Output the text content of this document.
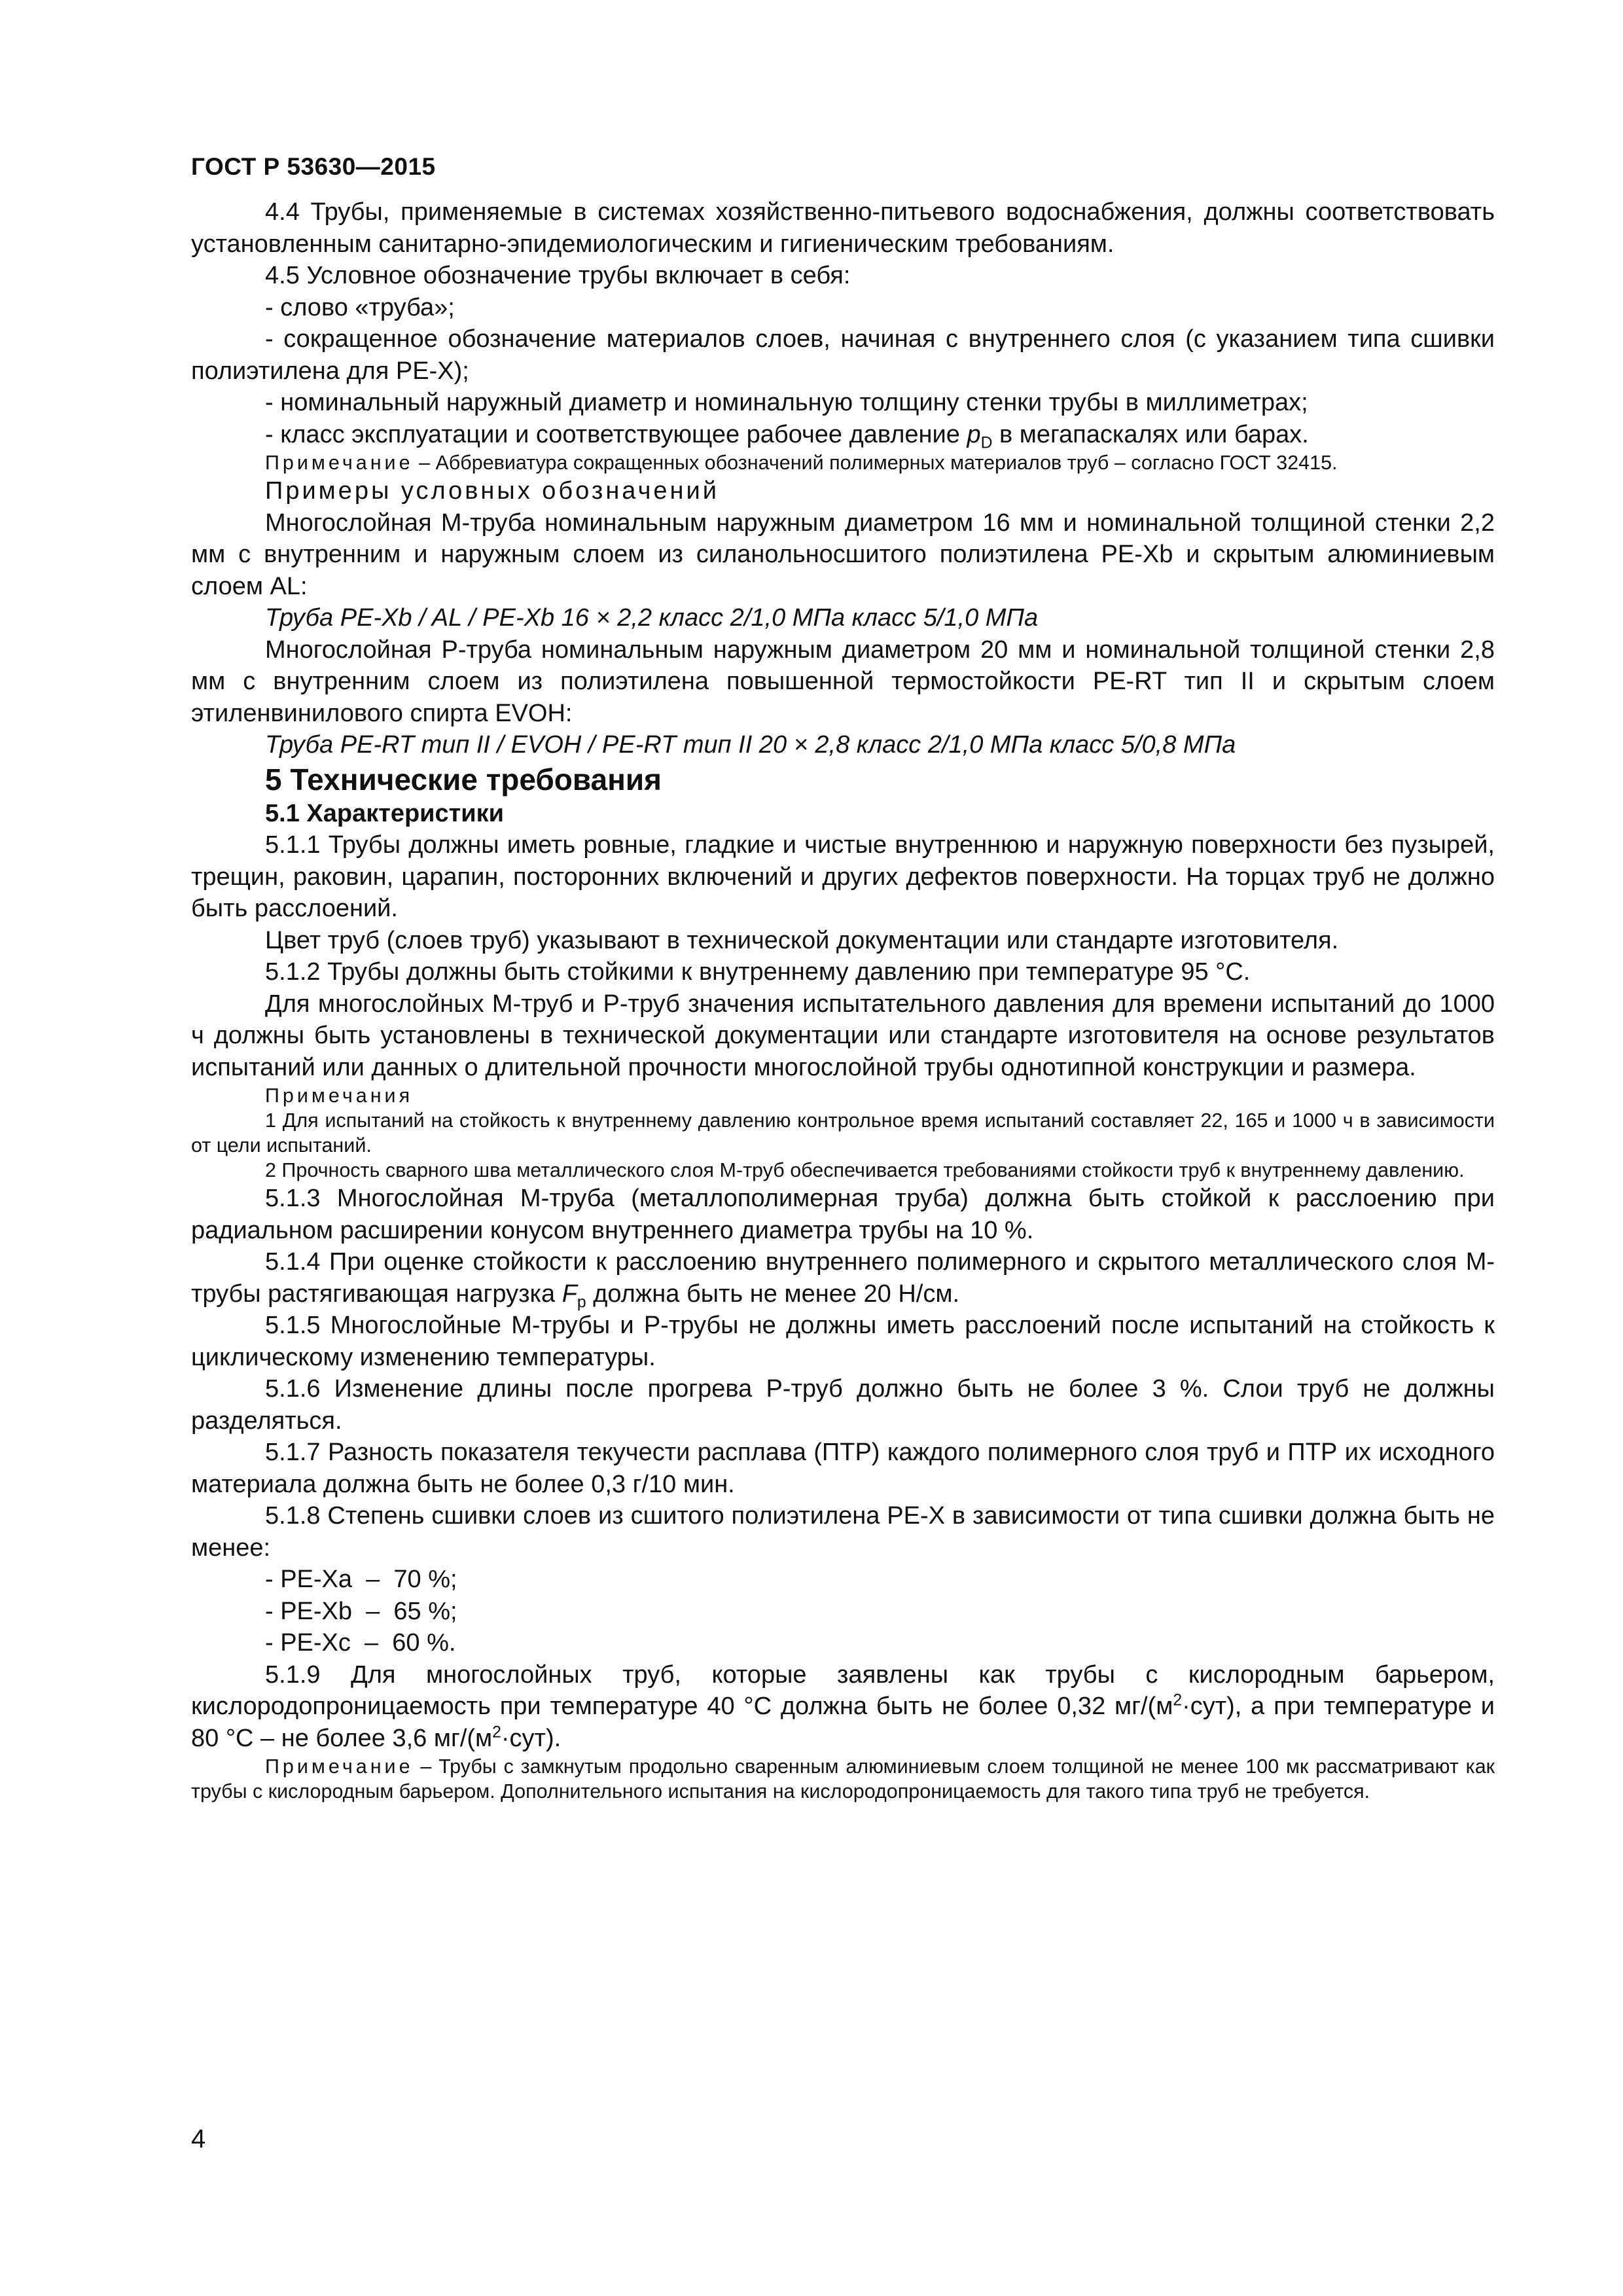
ГОСТ Р 53630—2015

4.4 Трубы, применяемые в системах хозяйственно-питьевого водоснабжения, должны соответствовать установленным санитарно-эпидемиологическим и гигиеническим требованиям.

4.5 Условное обозначение трубы включает в себя:

- слово «труба»;

- сокращенное обозначение материалов слоев, начиная с внутреннего слоя (с указанием типа сшивки полиэтилена для PE-X);

- номинальный наружный диаметр и номинальную толщину стенки трубы в миллиметрах;

- класс эксплуатации и соответствующее рабочее давление $p_D$ в мегапаскалях или барах.

Примечание – Аббревиатура сокращенных обозначений полимерных материалов труб – согласно ГОСТ 32415.

Примеры условных обозначений

Многослойная М-труба номинальным наружным диаметром 16 мм и номинальной толщиной стенки 2,2 мм с внутренним и наружным слоем из силанольносшитого полиэтилена PE-Xb и скрытым алюминиевым слоем AL:

Труба PE-Xb / AL / PE-Xb 16 × 2,2 класс 2/1,0 МПа класс 5/1,0 МПа

Многослойная Р-труба номинальным наружным диаметром 20 мм и номинальной толщиной стенки 2,8 мм с внутренним слоем из полиэтилена повышенной термостойкости PE-RT тип II и скрытым слоем этиленвинилового спирта EVOH:

Труба PE-RT тип II / EVOH / PE-RT тип II 20 × 2,8 класс 2/1,0 МПа класс 5/0,8 МПа

5 Технические требования

5.1 Характеристики

5.1.1 Трубы должны иметь ровные, гладкие и чистые внутреннюю и наружную поверхности без пузырей, трещин, раковин, царапин, посторонних включений и других дефектов поверхности. На торцах труб не должно быть расслоений.

Цвет труб (слоев труб) указывают в технической документации или стандарте изготовителя.

5.1.2 Трубы должны быть стойкими к внутреннему давлению при температуре 95 °С.

Для многослойных М-труб и Р-труб значения испытательного давления для времени испытаний до 1000 ч должны быть установлены в технической документации или стандарте изготовителя на основе результатов испытаний или данных о длительной прочности многослойной трубы однотипной конструкции и размера.

Примечания

1 Для испытаний на стойкость к внутреннему давлению контрольное время испытаний составляет 22, 165 и 1000 ч в зависимости от цели испытаний.

2 Прочность сварного шва металлического слоя М-труб обеспечивается требованиями стойкости труб к внутреннему давлению.

5.1.3 Многослойная М-труба (металлополимерная труба) должна быть стойкой к расслоению при радиальном расширении конусом внутреннего диаметра трубы на 10 %.

5.1.4 При оценке стойкости к расслоению внутреннего полимерного и скрытого металлического слоя М-трубы растягивающая нагрузка $F_p$ должна быть не менее 20 Н/см.

5.1.5 Многослойные М-трубы и Р-трубы не должны иметь расслоений после испытаний на стойкость к циклическому изменению температуры.

5.1.6 Изменение длины после прогрева Р-труб должно быть не более 3 %. Слои труб не должны разделяться.

5.1.7 Разность показателя текучести расплава (ПТР) каждого полимерного слоя труб и ПТР их исходного материала должна быть не более 0,3 г/10 мин.

5.1.8 Степень сшивки слоев из сшитого полиэтилена PE-X в зависимости от типа сшивки должна быть не менее:

- PE-Xa  –  70 %;

- PE-Xb  –  65 %;

- PE-Xc  –  60 %.

5.1.9 Для многослойных труб, которые заявлены как трубы с кислородным барьером, кислородопроницаемость при температуре 40 °С должна быть не более 0,32 $мг/(м^2\cdot сут)$, а при температуре и 80 °С – не более 3,6 $мг/(м^2\cdot сут)$.

Примечание – Трубы с замкнутым продольно сваренным алюминиевым слоем толщиной не менее 100 мк рассматривают как трубы с кислородным барьером. Дополнительного испытания на кислородопроницаемость для такого типа труб не требуется.

4
